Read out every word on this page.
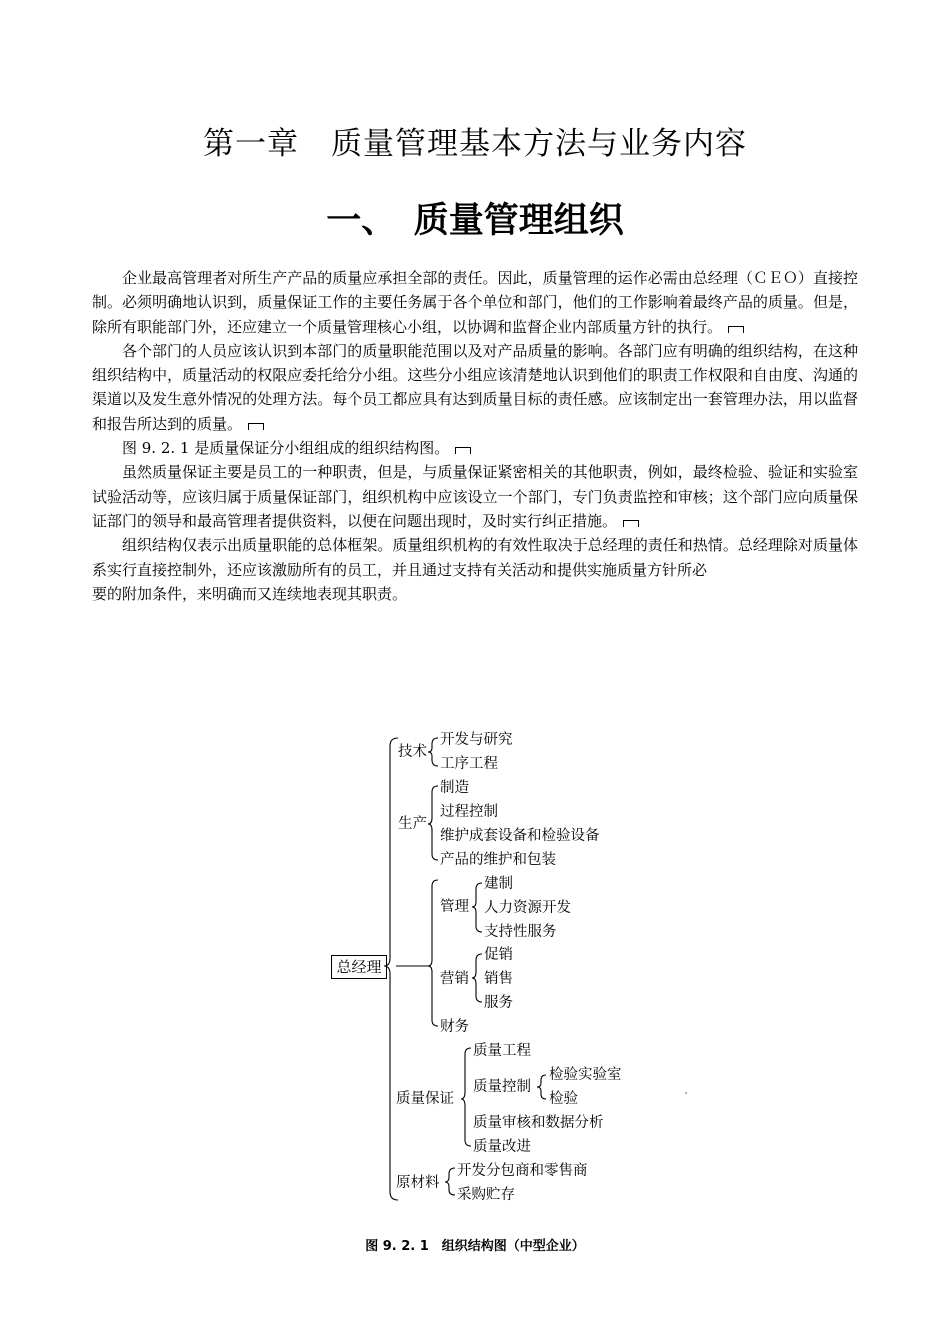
第一章　质量管理基本方法与业务内容
一、　质量管理组织

企业最高管理者对所生产产品的质量应承担全部的责任。因此，质量管理的运作必需由总经理（ＣＥＯ）直接控制。必须明确地认识到，质量保证工作的主要任务属于各个单位和部门，他们的工作影响着最终产品的质量。但是，除所有职能部门外，还应建立一个质量管理核心小组，以协调和监督企业内部质量方针的执行。

各个部门的人员应该认识到本部门的质量职能范围以及对产品质量的影响。各部门应有明确的组织结构，在这种组织结构中，质量活动的权限应委托给分小组。这些分小组应该清楚地认识到他们的职责工作权限和自由度、沟通的渠道以及发生意外情况的处理方法。每个员工都应具有达到质量目标的责任感。应该制定出一套管理办法，用以监督和报告所达到的质量。

图 9. 2. 1 是质量保证分小组组成的组织结构图。

虽然质量保证主要是员工的一种职责，但是，与质量保证紧密相关的其他职责，例如，最终检验、验证和实验室试验活动等，应该归属于质量保证部门，组织机构中应该设立一个部门，专门负责监控和审核；这个部门应向质量保证部门的领导和最高管理者提供资料，以便在问题出现时，及时实行纠正措施。

组织结构仅表示出质量职能的总体框架。质量组织机构的有效性取决于总经理的责任和热情。总经理除对质量体系实行直接控制外，还应该激励所有的员工，并且通过支持有关活动和提供实施质量方针所必

要的附加条件，来明确而又连续地表现其职责。

总经理
技术
开发与研究
工序工程
生产
制造
过程控制
维护成套设备和检验设备
产品的维护和包装
管理
建制
人力资源开发
支持性服务
营销
促销
销售
服务
财务
质量保证
质量工程
质量控制
检验实验室
检验
质量审核和数据分析
质量改进
原材料
开发分包商和零售商
采购贮存
图 9. 2. 1　组织结构图（中型企业）
